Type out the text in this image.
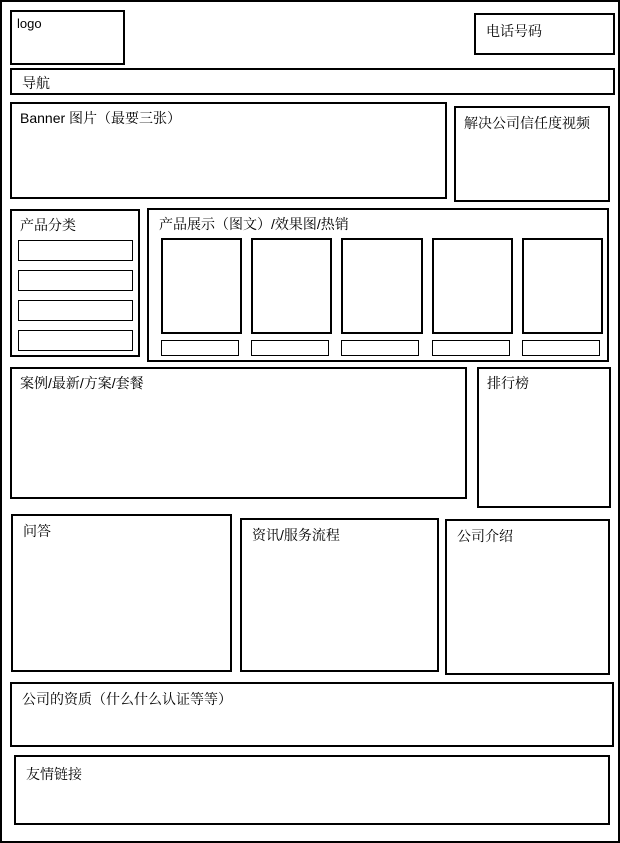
logo	电话号码
导航
Banner 图片（最要三张）	解决公司信任度视频
产品分类	产品展示（图文）/效果图/热销
案例/最新/方案/套餐	排行榜
问答	资讯/服务流程	公司介绍
公司的资质（什么什么认证等等）
友情链接
